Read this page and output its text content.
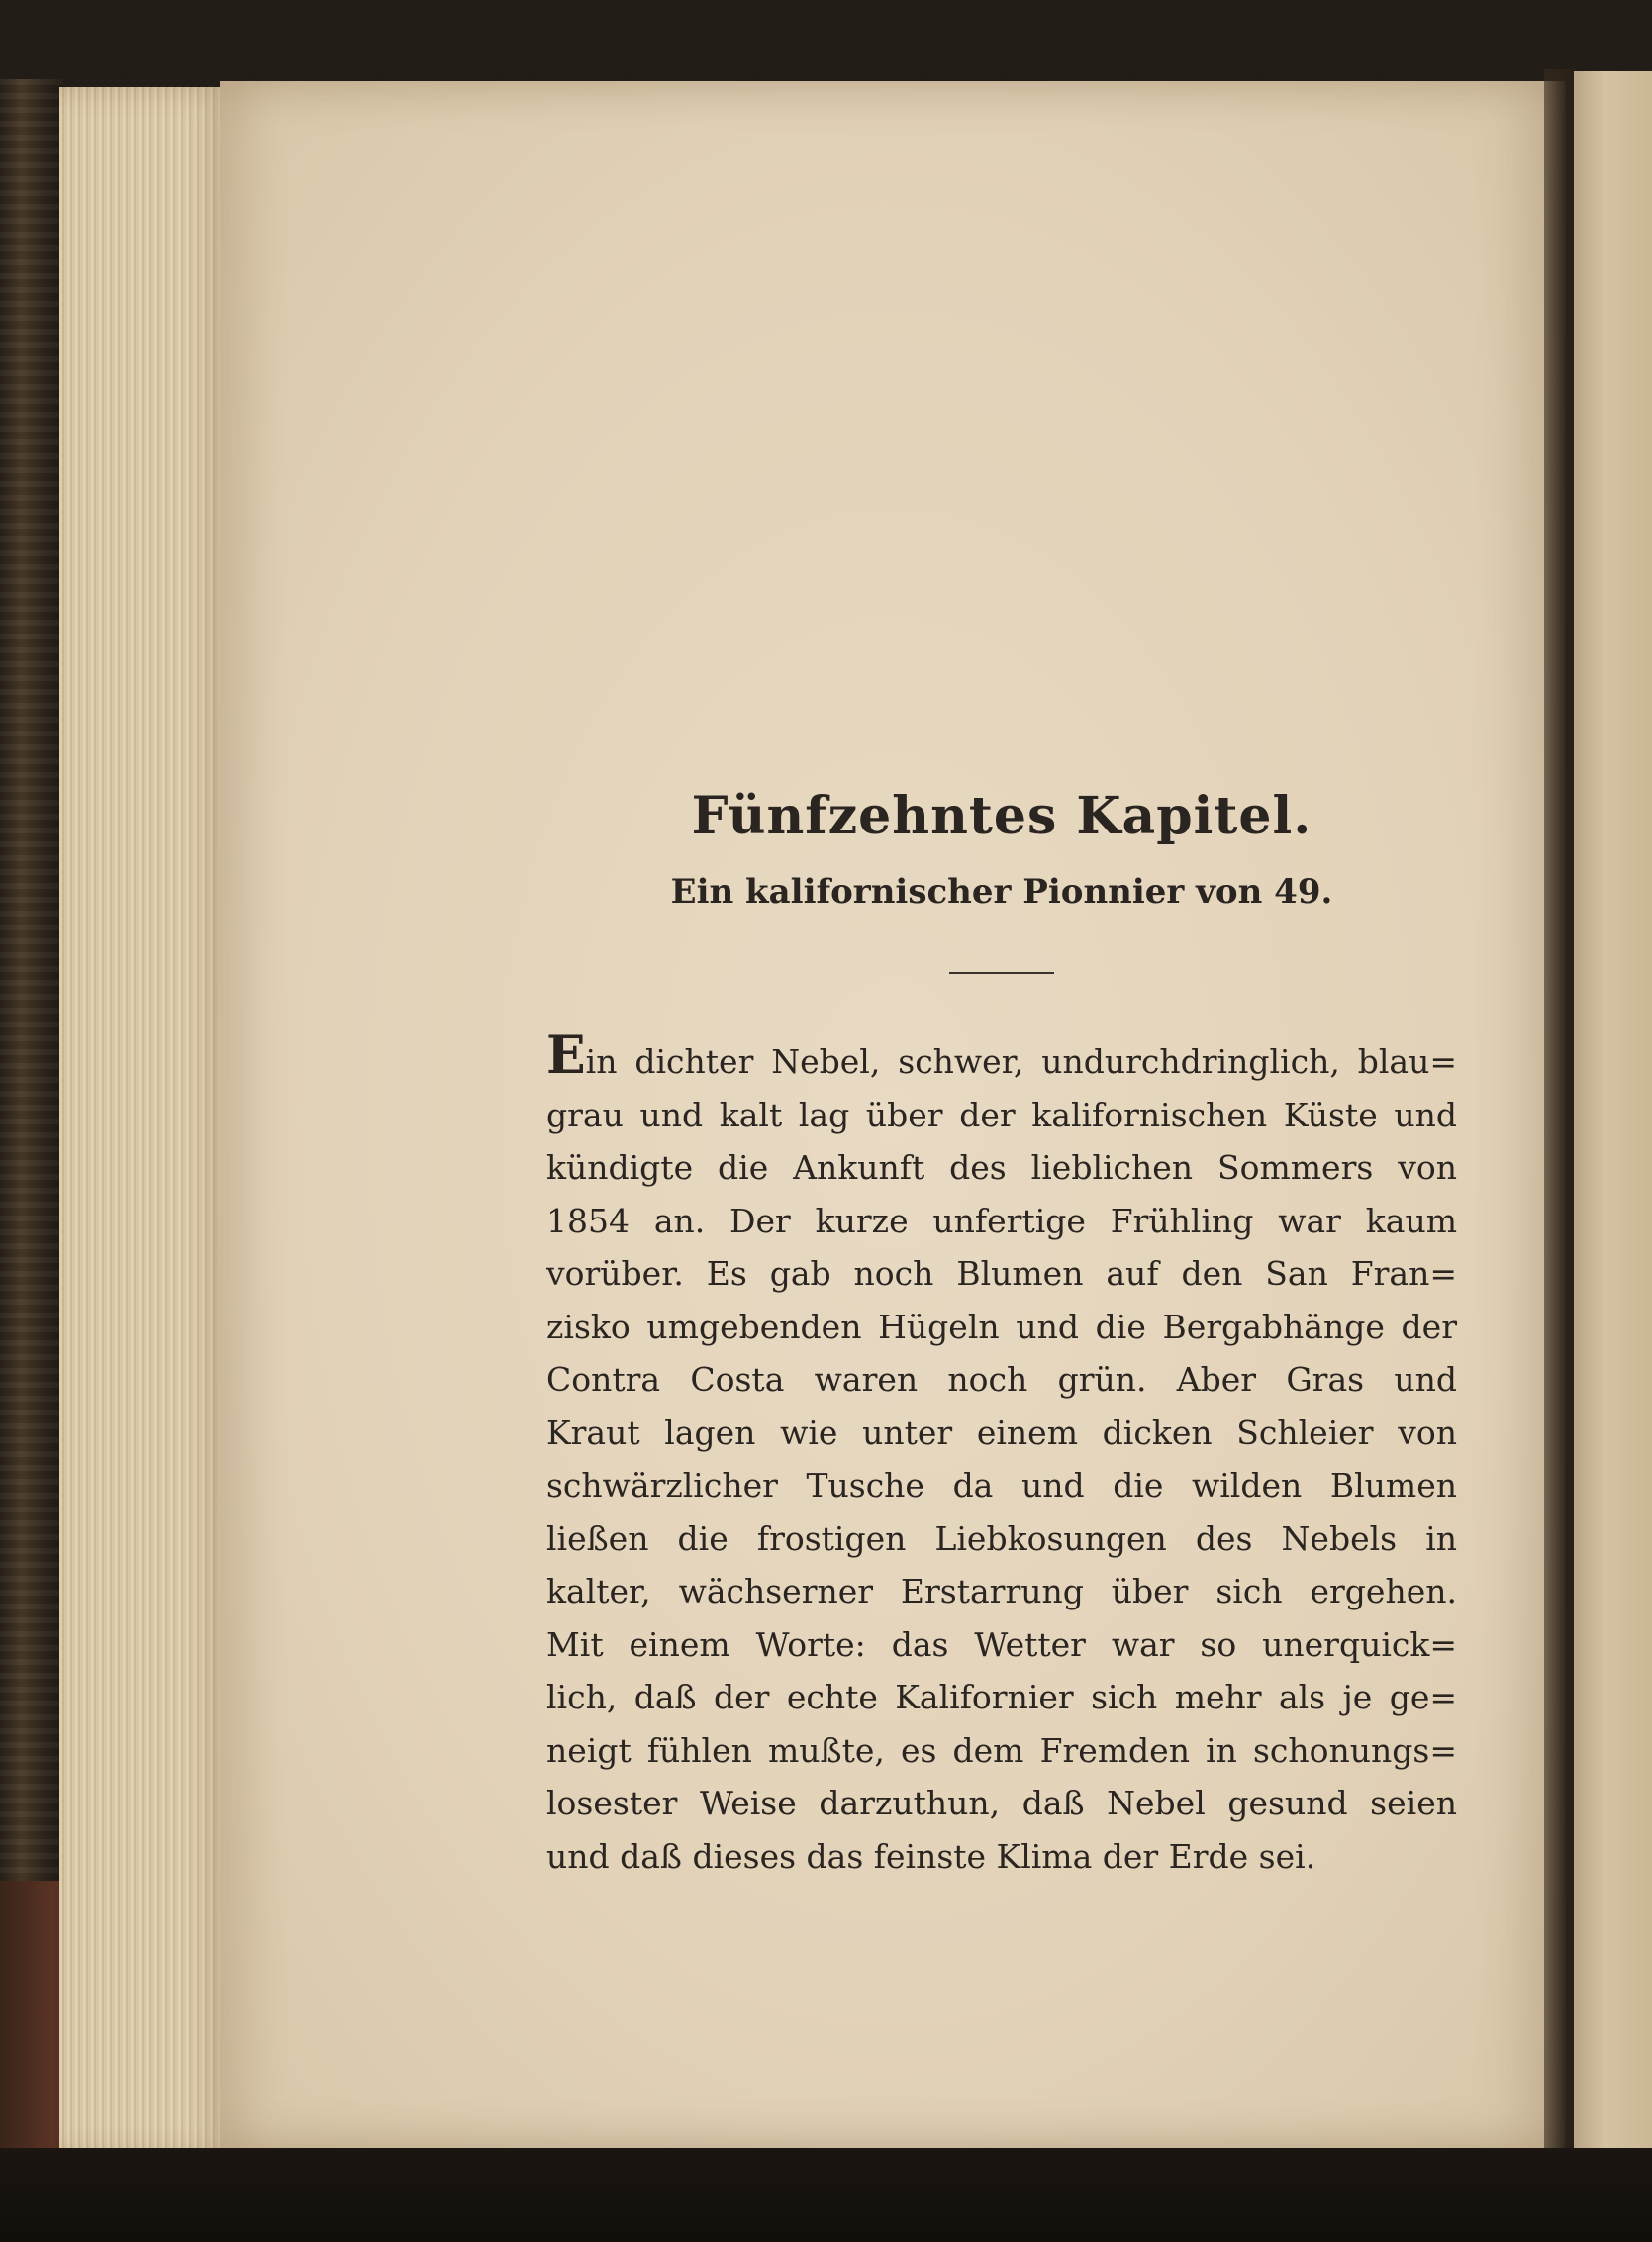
Fünfzehntes Kapitel.
Ein kalifornischer Pionnier von 49.
Ein dichter Nebel, schwer, undurchdringlich, blau=
grau und kalt lag über der kalifornischen Küste und
kündigte die Ankunft des lieblichen Sommers von
1854 an. Der kurze unfertige Frühling war kaum
vorüber. Es gab noch Blumen auf den San Fran=
zisko umgebenden Hügeln und die Bergabhänge der
Contra Costa waren noch grün. Aber Gras und
Kraut lagen wie unter einem dicken Schleier von
schwärzlicher Tusche da und die wilden Blumen
ließen die frostigen Liebkosungen des Nebels in
kalter, wächserner Erstarrung über sich ergehen.
Mit einem Worte: das Wetter war so unerquick=
lich, daß der echte Kalifornier sich mehr als je ge=
neigt fühlen mußte, es dem Fremden in schonungs=
losester Weise darzuthun, daß Nebel gesund seien
und daß dieses das feinste Klima der Erde sei.
